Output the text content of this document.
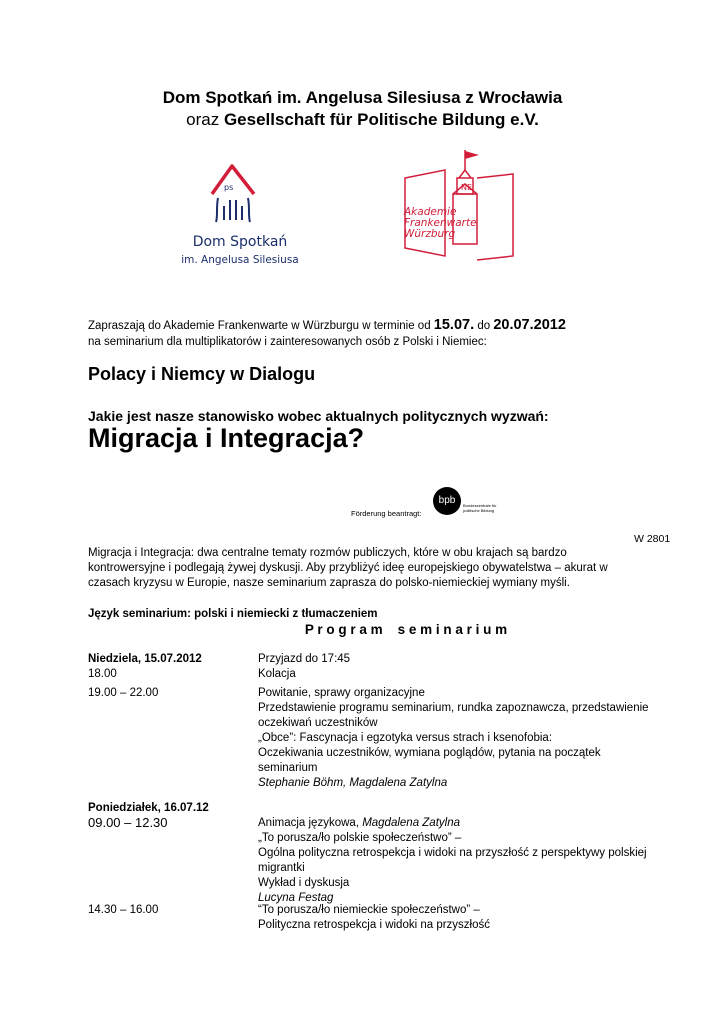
Dom Spotkań im. Angelusa Silesiusa z Wrocławia
oraz Gesellschaft für Politische Bildung e.V.
ps
Dom Spotkań
im. Angelusa Silesiusa
NE
Akademie
Frankenwarte
Würzburg
Zapraszają do Akademie Frankenwarte w Würzburgu w terminie od 15.07. do 20.07.2012
na seminarium dla multiplikatorów i zainteresowanych osób z Polski i Niemiec:
Polacy i Niemcy w Dialogu
Jakie jest nasze stanowisko wobec aktualnych politycznych wyzwań:
Migracja i Integracja?
Förderung beantragt:
bpb	Bundeszentrale für politische Bildung
W 2801
Migracja i Integracja: dwa centralne tematy rozmów publiczych, które w obu krajach są bardzo
kontrowersyjne i podlegają żywej dyskusji. Aby przybliżyć ideę europejskiego obywatelstwa – akurat w
czasach kryzysu w Europie, nasze seminarium zaprasza do polsko-niemieckiej wymiany myśli.
Język seminarium: polski i niemiecki z tłumaczeniem
P r o g r a m    s e m i n a r i u m
Niedziela, 15.07.2012
18.00
19.00 – 22.00
Przyjazd do 17:45
Kolacja
Powitanie, sprawy organizacyjne
Przedstawienie programu seminarium, rundka zapoznawcza, przedstawienie
oczekiwań uczestników
„Obce”: Fascynacja i egzotyka versus strach i ksenofobia:
Oczekiwania uczestników, wymiana poglądów, pytania na początek
seminarium
Stephanie Böhm, Magdalena Zatylna
Poniedziałek, 16.07.12
09.00 – 12.30
14.30 – 16.00
Animacja językowa, Magdalena Zatylna
„To porusza/ło polskie społeczeństwo” –
Ogólna polityczna retrospekcja i widoki na przyszłość z perspektywy polskiej
migrantki
Wykład i dyskusja
Lucyna Festag
“To porusza/ło niemieckie społeczeństwo” –
Polityczna retrospekcja i widoki na przyszłość
